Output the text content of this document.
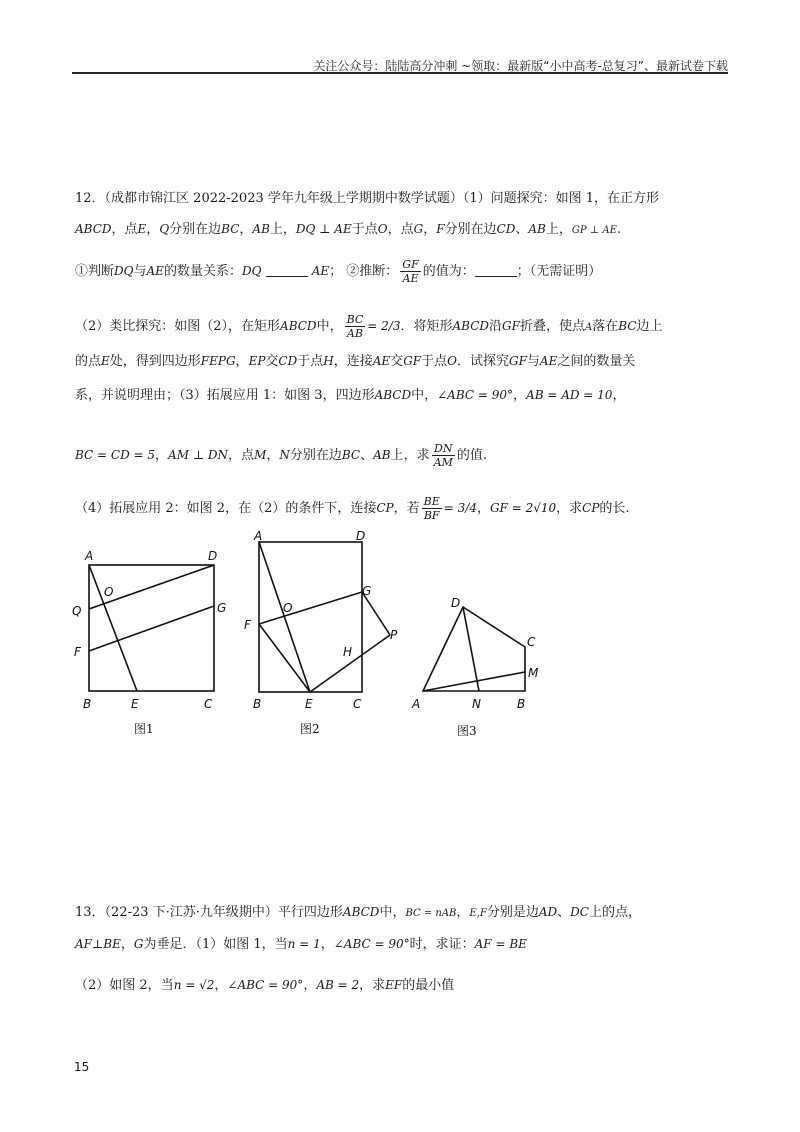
关注公众号：陆陆高分冲刺 ~领取：最新版“小中高考-总复习”、最新试卷下载
12．（成都市锦江区 2022-2023 学年九年级上学期期中数学试题）（1）问题探究：如图 1，在正方形
ABCD，点E，Q分别在边BC，AB上，DQ ⊥ AE于点O，点G，F分别在边CD、AB上，GP ⊥ AE.
①判断DQ与AE的数量关系：DQ	AE； ②推断： $\frac{GF}{AE}$ 的值为：	；（无需证明）
（2）类比探究：如图（2），在矩形ABCD中， $\frac{BC}{AB} = 2/3$．将矩形ABCD沿GF折叠，使点A落在BC边上
的点E处，得到四边形FEPG，EP交CD于点H，连接AE交GF于点O．试探究GF与AE之间的数量关
系，并说明理由；（3）拓展应用 1：如图 3，四边形ABCD中，∠ABC = 90°，AB = AD = 10，
BC = CD = 5，AM ⊥ DN，点M，N分别在边BC、AB上，求 $\frac{DN}{AM}$ 的值.
（4）拓展应用 2：如图 2，在（2）的条件下，连接CP，若 $\frac{BE}{BF} = 3/4$，GF = 2√10，求CP的长.
A	D
Q
O
G
F
B	E	C
图1
A	D
G
O
F
P
H
B	E	C
图2
D
C
M
A	N	B
图3
13．（22-23 下·江苏·九年级期中）平行四边形ABCD中，BC = nAB，E,F分别是边AD、DC上的点，
AF⊥BE，G为垂足．（1）如图 1，当n = 1，∠ABC = 90°时，求证：AF = BE
（2）如图 2，当n = √2，∠ABC = 90°，AB = 2，求EF的最小值
15
